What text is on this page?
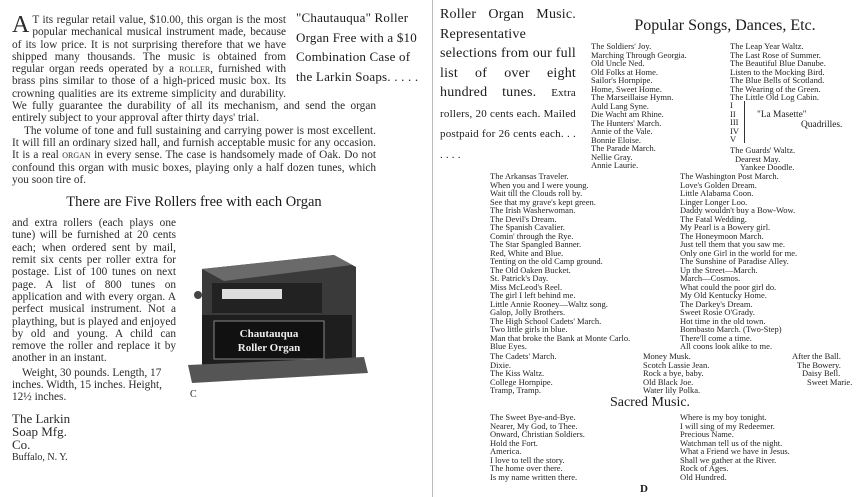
A T its regular retail value, $10.00, this organ is the most popular mechanical musical instrument made, because of its low price. It is not surprising therefore that we have shipped many thousands. The music is obtained from regular organ reeds operated by a roller, furnished with brass pins similar to those of a high-priced music box. Its crowning qualities are its extreme simplicity and durability. We fully guarantee the durability of all its mechanism, and send the organ entirely subject to your approval after thirty days' trial.
The volume of tone and full sustaining and carrying power is most excellent. It will fill an ordinary sized hall, and furnish acceptable music for any occasion. It is a real organ in every sense. The case is handsomely made of Oak. Do not confound this organ with music boxes, playing only a half dozen tunes, which you soon tire of.
There are Five Rollers free with each Organ
Chautauqua
Roller Organ
C
and extra rollers (each plays one tune) will be furnished at 20 cents each; when ordered sent by mail, remit six cents per roller extra for postage. List of 100 tunes on next page. A list of 800 tunes on application and with every organ. A perfect musical instrument. Not a plaything, but is played and enjoyed by old and young. A child can remove the roller and replace it by another in an instant.
Weight, 30 pounds. Length, 17 inches. Width, 15 inches. Height, 12½ inches.
The Larkin
Soap Mfg.
Co.
Buffalo, N. Y.
"Chautauqua" Roller Organ Free with a $10 Combination Case of the Larkin Soaps. . . . .
Roller Organ Music. Representative selections from our full list of over eight hundred tunes. Extra rollers, 20 cents each. Mailed postpaid for 26 cents each. . . . . . .
Popular Songs, Dances, Etc.
The Soldiers' Joy.
Marching Through Georgia.
Old Uncle Ned.
Old Folks at Home.
Sailor's Hornpipe.
Home, Sweet Home.
The Marseillaise Hymn.
Auld Lang Syne.
Die Wacht am Rhine.
The Hunters' March.
Annie of the Vale.
Bonnie Eloise.
The Parade March.
Nellie Gray.
Annie Laurie.
The Leap Year Waltz.
The Last Rose of Summer.
The Beautiful Blue Danube.
Listen to the Mocking Bird.
The Blue Bells of Scotland.
The Wearing of the Green.
The Little Old Log Cabin.
I
II
III
IV
V
"La Masette"
Quadrilles.
The Guards' Waltz.
Dearest May.
Yankee Doodle.
The Arkansas Traveler.
When you and I were young.
Wait till the Clouds roll by.
See that my grave's kept green.
The Irish Washerwoman.
The Devil's Dream.
The Spanish Cavalier.
Comin' through the Rye.
The Star Spangled Banner.
Red, White and Blue.
Tenting on the old Camp ground.
The Old Oaken Bucket.
St. Patrick's Day.
Miss McLeod's Reel.
The girl I left behind me.
Little Annie Rooney—Waltz song.
Galop, Jolly Brothers.
The High School Cadets' March.
Two little girls in blue.
Man that broke the Bank at Monte Carlo.
Blue Eyes.
The Washington Post March.
Love's Golden Dream.
Little Alabama Coon.
Linger Longer Loo.
Daddy wouldn't buy a Bow-Wow.
The Fatal Wedding.
My Pearl is a Bowery girl.
The Honeymoon March.
Just tell them that you saw me.
Only one Girl in the world for me.
The Sunshine of Paradise Alley.
Up the Street—March.
March—Cosmos.
What could the poor girl do.
My Old Kentucky Home.
The Darkey's Dream.
Sweet Rosie O'Grady.
Hot time in the old town.
Bombasto March. (Two-Step)
There'll come a time.
All coons look alike to me.
The Cadets' March.
Dixie.
The Kiss Waltz.
College Hornpipe.
Tramp, Tramp.
Money Musk.
Scotch Lassie Jean.
Rock a bye, baby.
Old Black Joe.
Water lily Polka.
After the Ball.
The Bowery.
Daisy Bell.
Sweet Marie.
Sacred Music.
The Sweet Bye-and-Bye.
Nearer, My God, to Thee.
Onward, Christian Soldiers.
Hold the Fort.
America.
I love to tell the story.
The home over there.
Is my name written there.
Where is my boy tonight.
I will sing of my Redeemer.
Precious Name.
Watchman tell us of the night.
What a Friend we have in Jesus.
Shall we gather at the River.
Rock of Ages.
Old Hundred.
D
